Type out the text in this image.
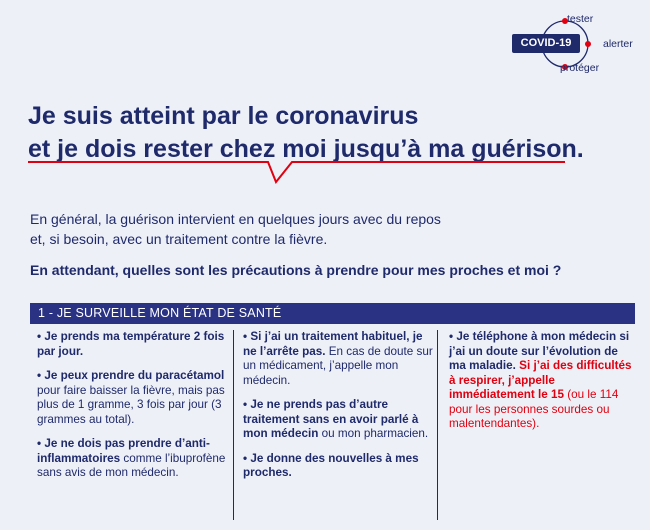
COVID-19
tester
alerter
protéger
Je suis atteint par le coronavirus
et je dois rester chez moi jusqu’à ma guérison.
En général, la guérison intervient en quelques jours avec du repos
et, si besoin, avec un traitement contre la fièvre.
En attendant, quelles sont les précautions à prendre pour mes proches et moi ?
1 - JE SURVEILLE MON ÉTAT DE SANTÉ

• Je prends ma température 2 fois par jour.

• Je peux prendre du paracétamol pour faire baisser la fièvre, mais pas plus de 1 gramme, 3 fois par jour (3 grammes au total).

• Je ne dois pas prendre d’anti-inflammatoires comme l’ibuprofène sans avis de mon médecin.

• Si j’ai un traitement habituel, je ne l’arrête pas. En cas de doute sur un médicament, j’appelle mon médecin.

• Je ne prends pas d’autre traitement sans en avoir parlé à mon médecin ou mon pharmacien.

• Je donne des nouvelles à mes proches.

• Je téléphone à mon médecin si j’ai un doute sur l’évolution de ma maladie. Si j’ai des difficultés à respirer, j’appelle immédiatement le 15 (ou le 114 pour les personnes sourdes ou malentendantes).
